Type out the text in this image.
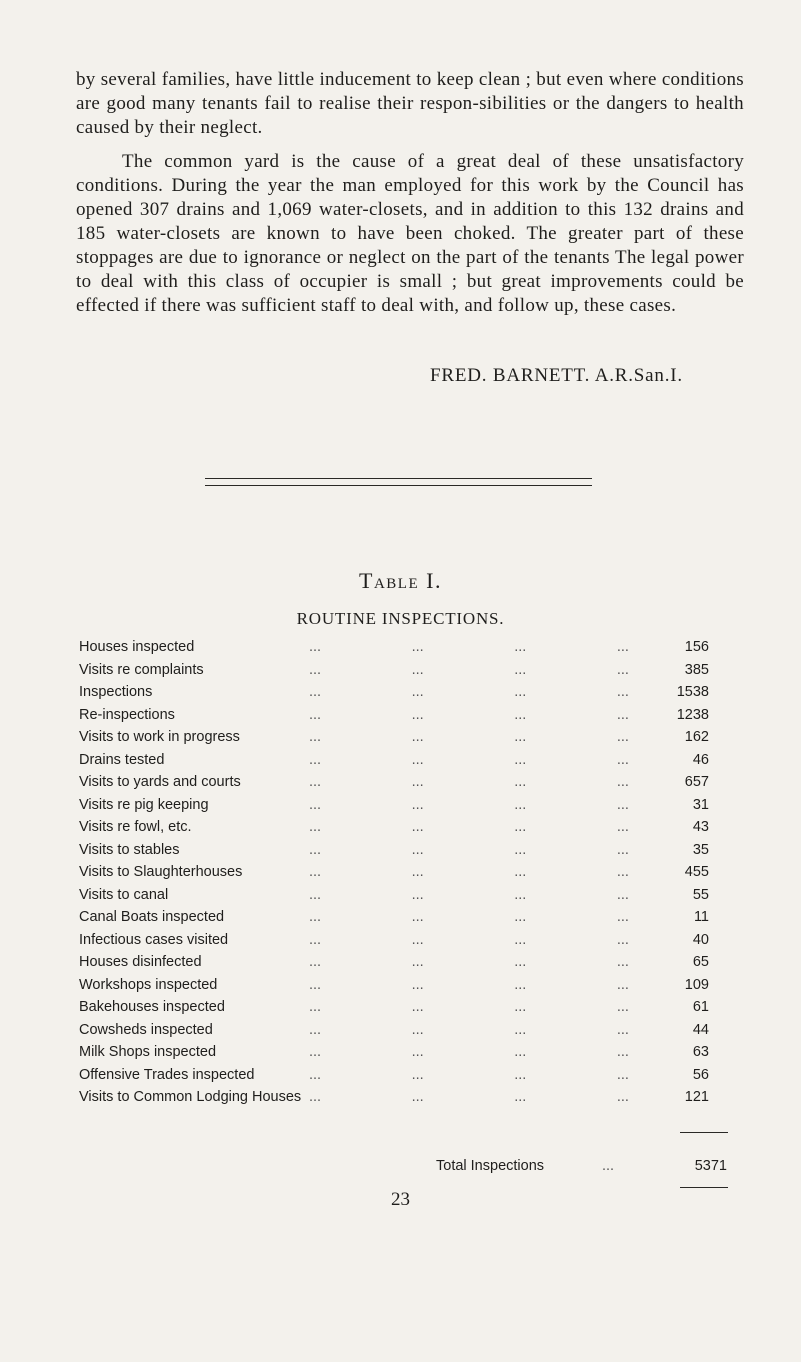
by several families, have little inducement to keep clean ; but even where conditions are good many tenants fail to realise their respon-sibilities or the dangers to health caused by their neglect.
The common yard is the cause of a great deal of these unsatisfactory conditions. During the year the man employed for this work by the Council has opened 307 drains and 1,069 water-closets, and in addition to this 132 drains and 185 water-closets are known to have been choked. The greater part of these stoppages are due to ignorance or neglect on the part of the tenants The legal power to deal with this class of occupier is small ; but great improvements could be effected if there was sufficient staff to deal with, and follow up, these cases.
FRED. BARNETT. A.R.San.I.
Table I.
ROUTINE INSPECTIONS.
Houses inspected	...	...	...	...	156
Visits re complaints	...	...	...	...	385
Inspections	...	...	...	...	1538
Re-inspections	...	...	...	...	1238
Visits to work in progress	...	...	...	...	162
Drains tested	...	...	...	...	46
Visits to yards and courts	...	...	...	...	657
Visits re pig keeping	...	...	...	...	31
Visits re fowl, etc.	...	...	...	...	43
Visits to stables	...	...	...	...	35
Visits to Slaughterhouses	...	...	...	...	455
Visits to canal	...	...	...	...	55
Canal Boats inspected	...	...	...	...	11
Infectious cases visited	...	...	...	...	40
Houses disinfected	...	...	...	...	65
Workshops inspected	...	...	...	...	109
Bakehouses inspected	...	...	...	...	61
Cowsheds inspected	...	...	...	...	44
Milk Shops inspected	...	...	...	...	63
Offensive Trades inspected	...	...	...	...	56
Visits to Common Lodging Houses ...	...	...	...	121
Total Inspections	...	5371
23
